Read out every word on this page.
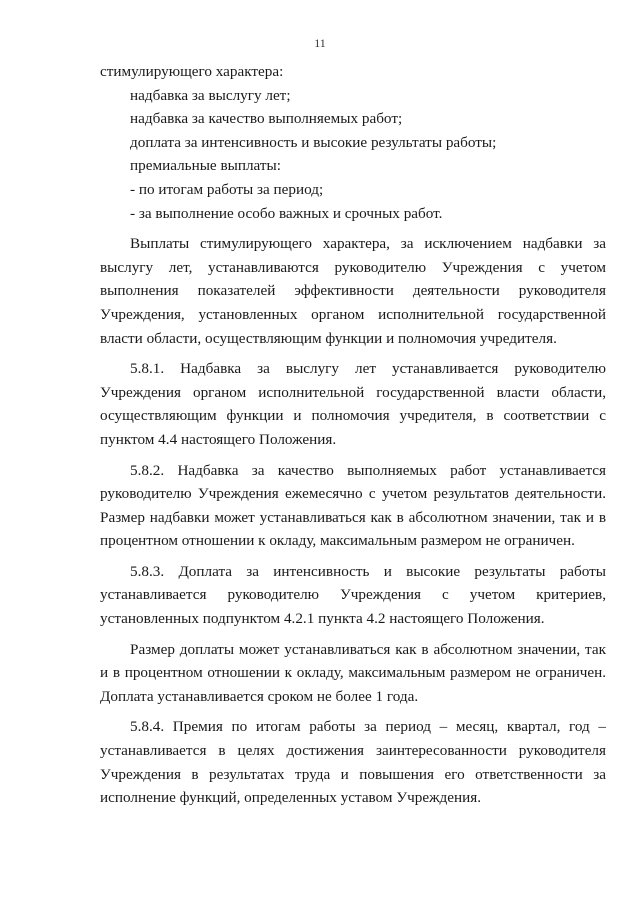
11

стимулирующего характера:

надбавка за выслугу лет;

надбавка за качество выполняемых работ;

доплата за интенсивность и высокие результаты работы;

премиальные выплаты:

- по итогам работы за период;

- за выполнение особо важных и срочных работ.

Выплаты стимулирующего характера, за исключением надбавки за выслугу лет, устанавливаются руководителю Учреждения с учетом выполнения показателей эффективности деятельности руководителя Учреждения, установленных органом исполнительной государственной власти области, осуществляющим функции и полномочия учредителя.

5.8.1. Надбавка за выслугу лет устанавливается руководителю Учреждения органом исполнительной государственной власти области, осуществляющим функции и полномочия учредителя, в соответствии с пунктом 4.4 настоящего Положения.

5.8.2. Надбавка за качество выполняемых работ устанавливается руководителю Учреждения ежемесячно с учетом результатов деятельности. Размер надбавки может устанавливаться как в абсолютном значении, так и в процентном отношении к окладу, максимальным размером не ограничен.

5.8.3. Доплата за интенсивность и высокие результаты работы устанавливается руководителю Учреждения с учетом критериев, установленных подпунктом 4.2.1 пункта 4.2 настоящего Положения.

Размер доплаты может устанавливаться как в абсолютном значении, так и в процентном отношении к окладу, максимальным размером не ограничен. Доплата устанавливается сроком не более 1 года.

5.8.4. Премия по итогам работы за период – месяц, квартал, год – устанавливается в целях достижения заинтересованности руководителя Учреждения в результатах труда и повышения его ответственности за исполнение функций, определенных уставом Учреждения.
